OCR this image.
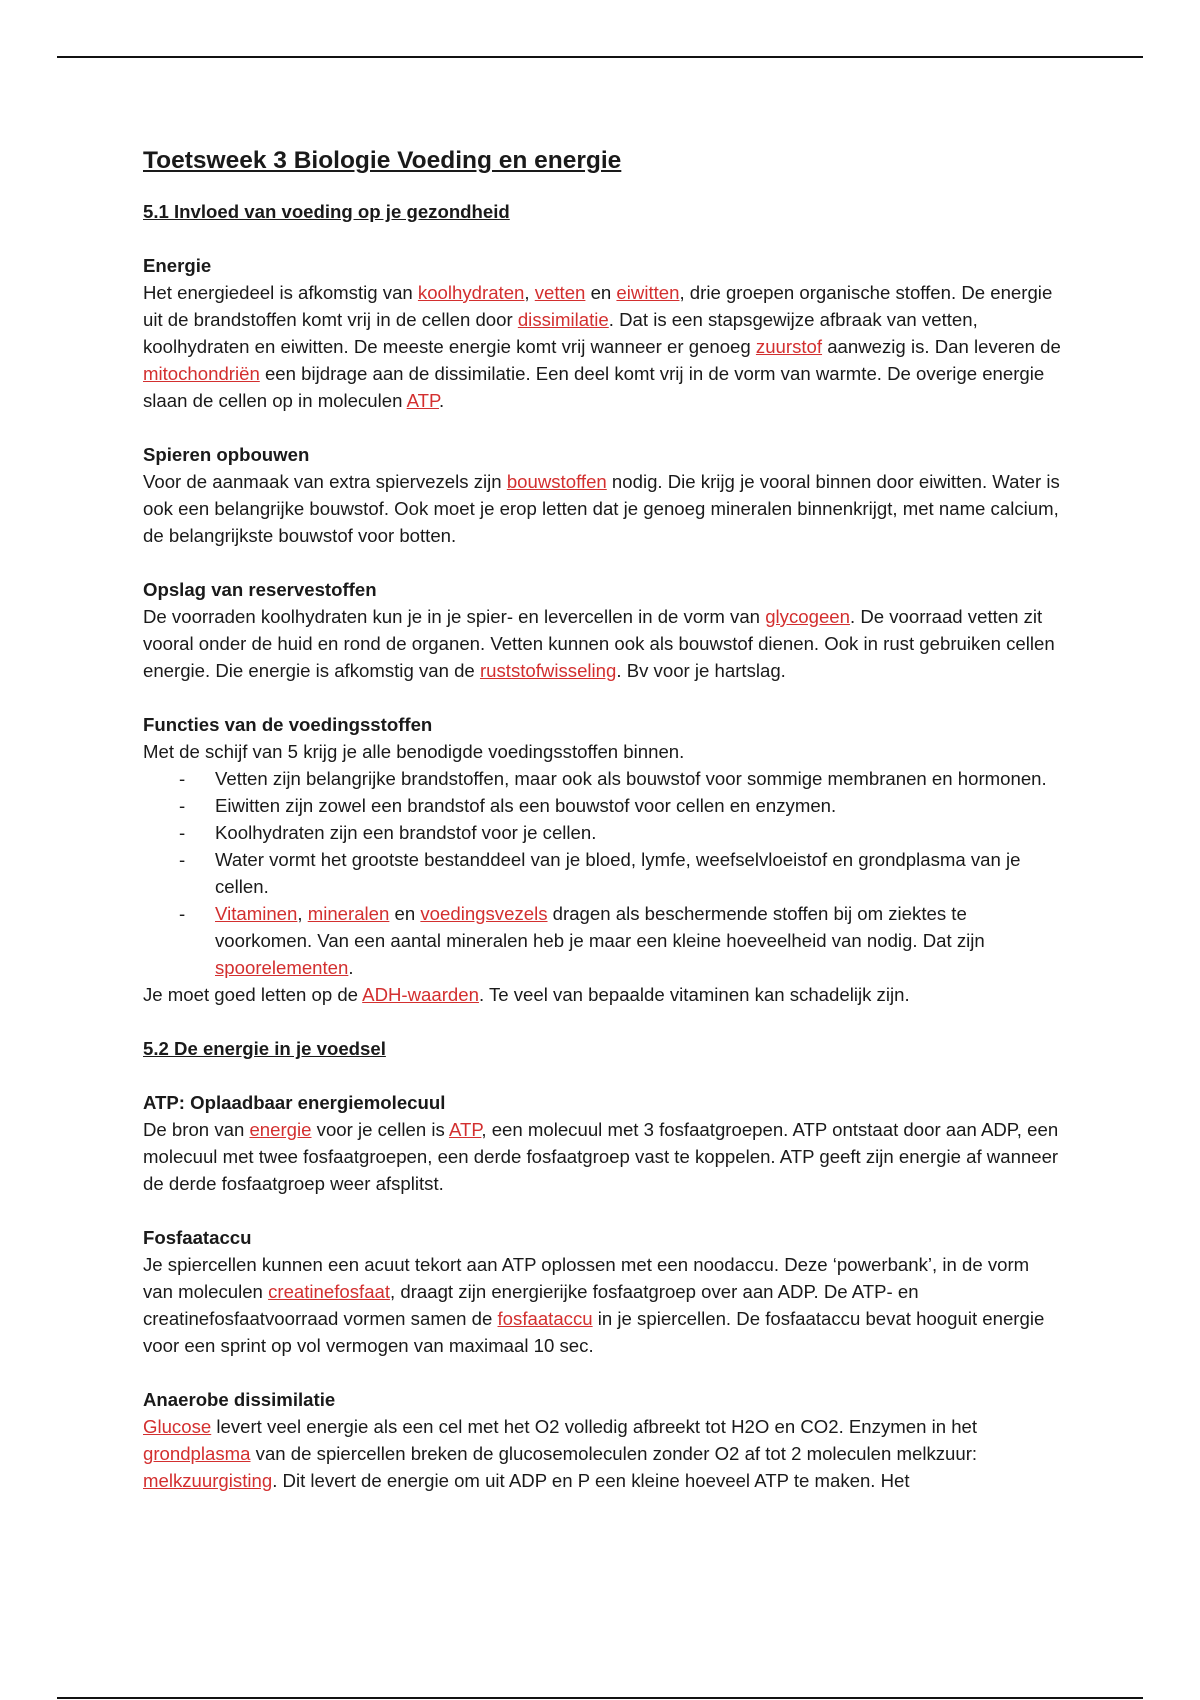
Toetsweek 3 Biologie Voeding en energie
5.1 Invloed van voeding op je gezondheid
Energie

Het energiedeel is afkomstig van koolhydraten, vetten en eiwitten, drie groepen organische stoffen. De energie uit de brandstoffen komt vrij in de cellen door dissimilatie. Dat is een stapsgewijze afbraak van vetten, koolhydraten en eiwitten. De meeste energie komt vrij wanneer er genoeg zuurstof aanwezig is. Dan leveren de mitochondriën een bijdrage aan de dissimilatie. Een deel komt vrij in de vorm van warmte. De overige energie slaan de cellen op in moleculen ATP.

Spieren opbouwen

Voor de aanmaak van extra spiervezels zijn bouwstoffen nodig. Die krijg je vooral binnen door eiwitten. Water is ook een belangrijke bouwstof. Ook moet je erop letten dat je genoeg mineralen binnenkrijgt, met name calcium, de belangrijkste bouwstof voor botten.

Opslag van reservestoffen

De voorraden koolhydraten kun je in je spier- en levercellen in de vorm van glycogeen. De voorraad vetten zit vooral onder de huid en rond de organen. Vetten kunnen ook als bouwstof dienen. Ook in rust gebruiken cellen energie. Die energie is afkomstig van de ruststofwisseling. Bv voor je hartslag.

Functies van de voedingsstoffen

Met de schijf van 5 krijg je alle benodigde voedingsstoffen binnen.

- Vetten zijn belangrijke brandstoffen, maar ook als bouwstof voor sommige membranen en hormonen.
- Eiwitten zijn zowel een brandstof als een bouwstof voor cellen en enzymen.
- Koolhydraten zijn een brandstof voor je cellen.
- Water vormt het grootste bestanddeel van je bloed, lymfe, weefselvloeistof en grondplasma van je cellen.
- Vitaminen, mineralen en voedingsvezels dragen als beschermende stoffen bij om ziektes te voorkomen. Van een aantal mineralen heb je maar een kleine hoeveelheid van nodig. Dat zijn spoorelementen.

Je moet goed letten op de ADH-waarden. Te veel van bepaalde vitaminen kan schadelijk zijn.

5.2 De energie in je voedsel
ATP: Oplaadbaar energiemolecuul

De bron van energie voor je cellen is ATP, een molecuul met 3 fosfaatgroepen. ATP ontstaat door aan ADP, een molecuul met twee fosfaatgroepen, een derde fosfaatgroep vast te koppelen. ATP geeft zijn energie af wanneer de derde fosfaatgroep weer afsplitst.

Fosfaataccu

Je spiercellen kunnen een acuut tekort aan ATP oplossen met een noodaccu. Deze ‘powerbank’, in de vorm van moleculen creatinefosfaat, draagt zijn energierijke fosfaatgroep over aan ADP. De ATP- en creatinefosfaatvoorraad vormen samen de fosfaataccu in je spiercellen. De fosfaataccu bevat hooguit energie voor een sprint op vol vermogen van maximaal 10 sec.

Anaerobe dissimilatie

Glucose levert veel energie als een cel met het O2 volledig afbreekt tot H2O en CO2. Enzymen in het grondplasma van de spiercellen breken de glucosemoleculen zonder O2 af tot 2 moleculen melkzuur: melkzuurgisting. Dit levert de energie om uit ADP en P een kleine hoeveel ATP te maken. Het
